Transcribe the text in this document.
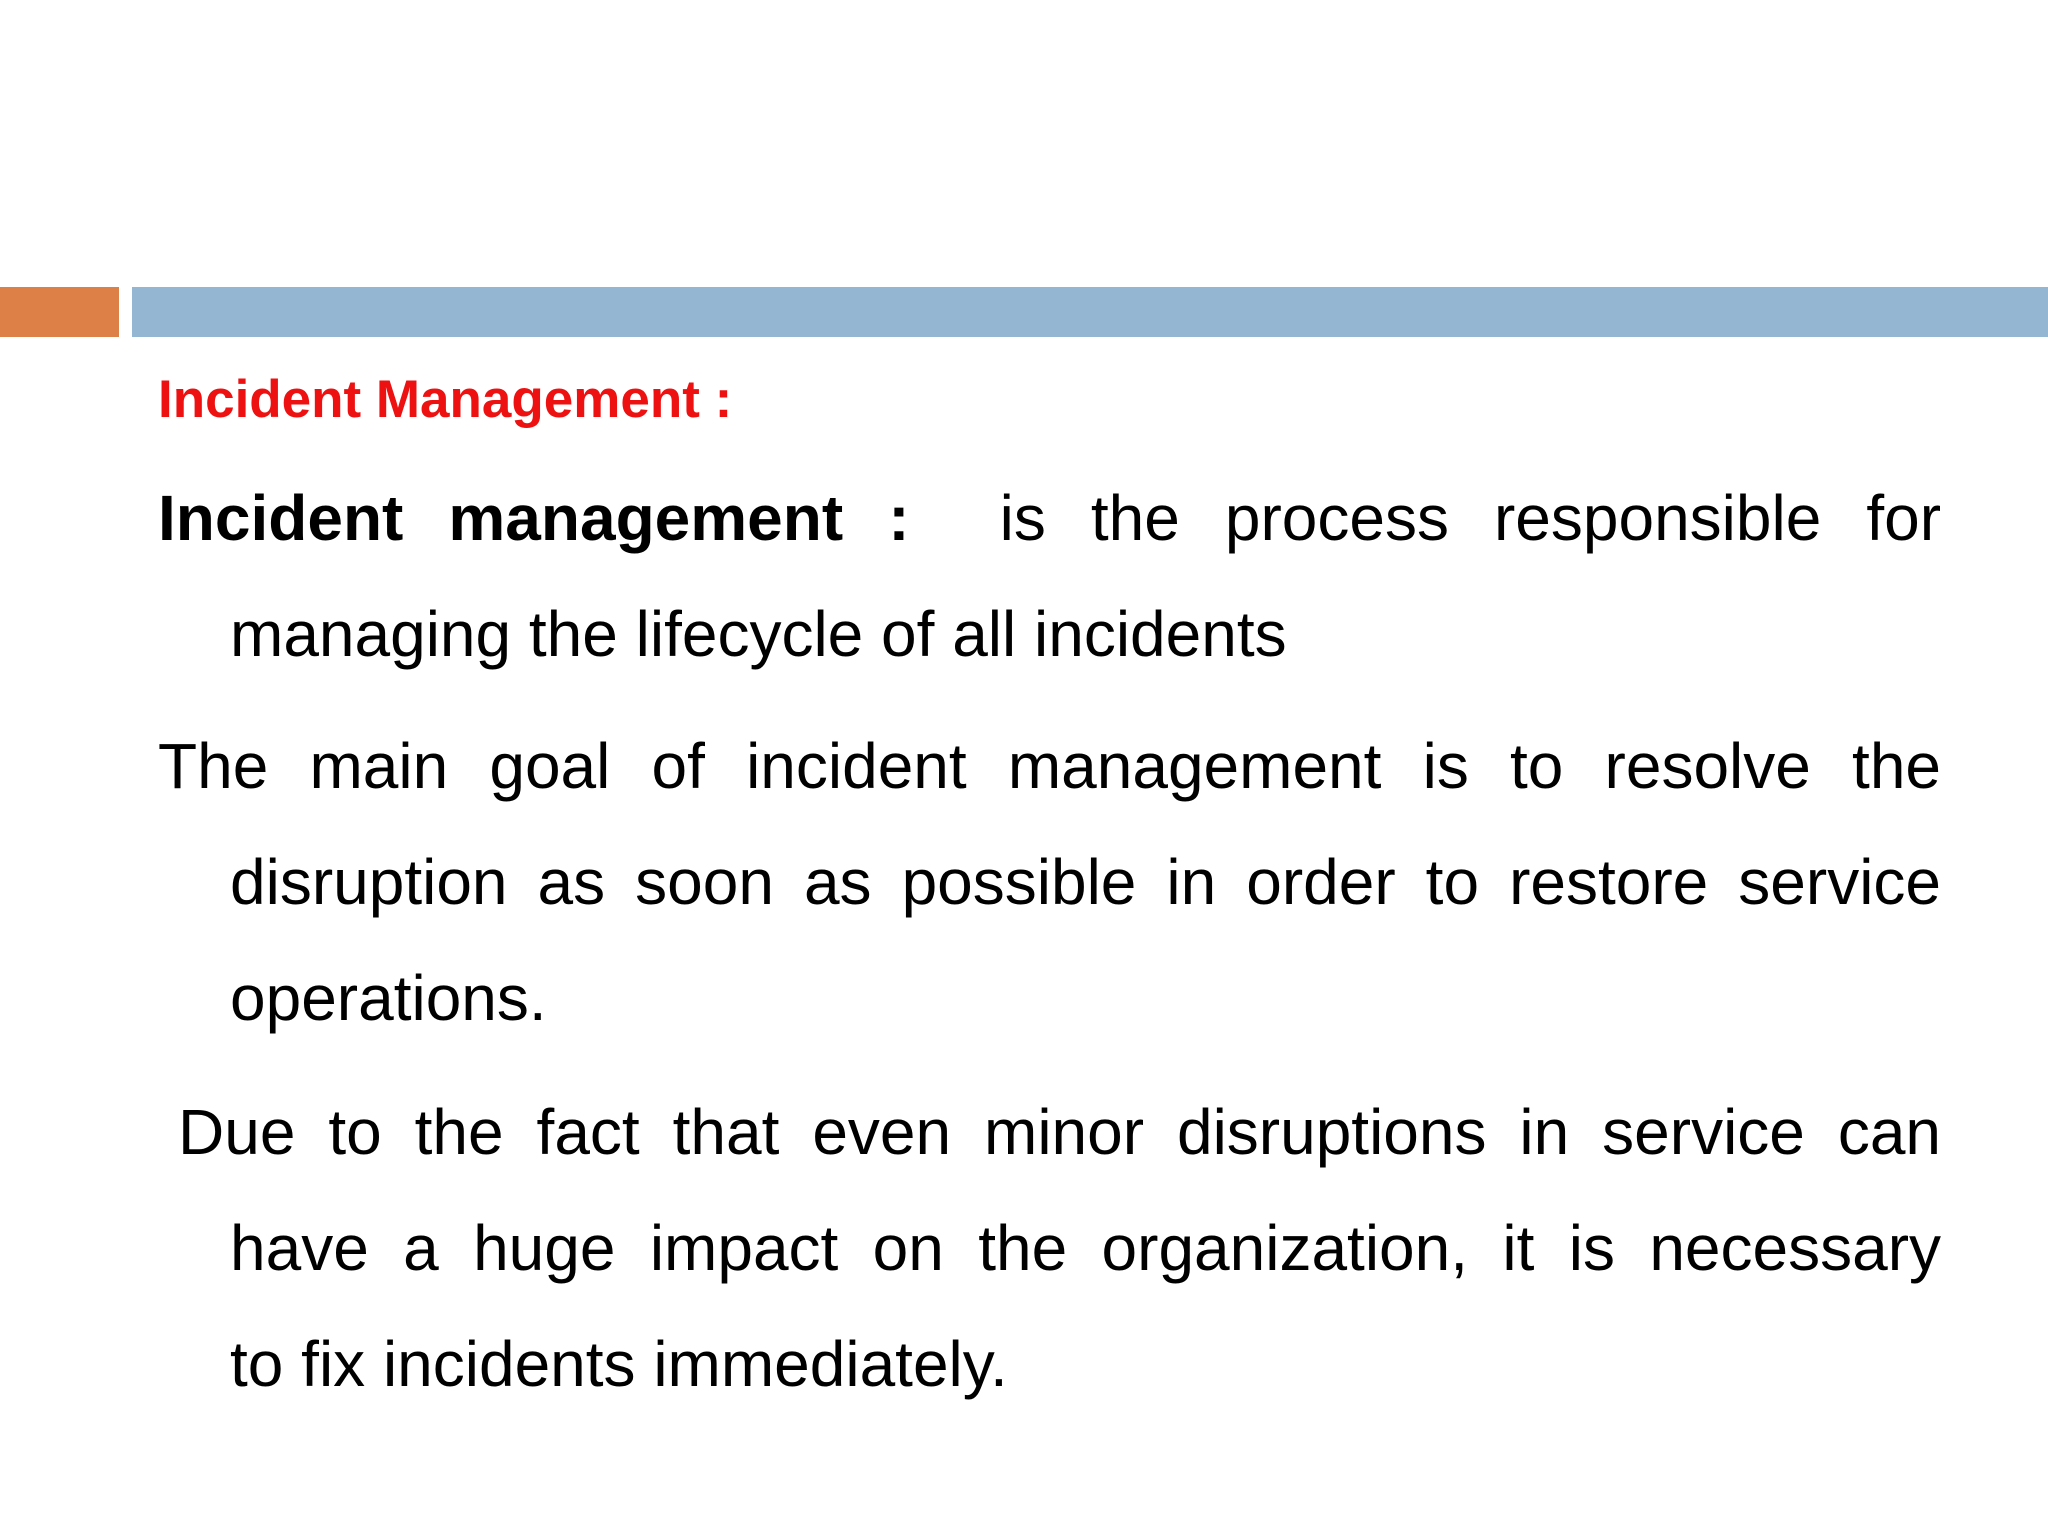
Incident Management :
Incident management : is the process responsible for
managing the lifecycle of all incidents
The main goal of incident management is to resolve the
disruption as soon as possible in order to restore service
operations.
Due to the fact that even minor disruptions in service can
have a huge impact on the organization, it is necessary
to fix incidents immediately.
